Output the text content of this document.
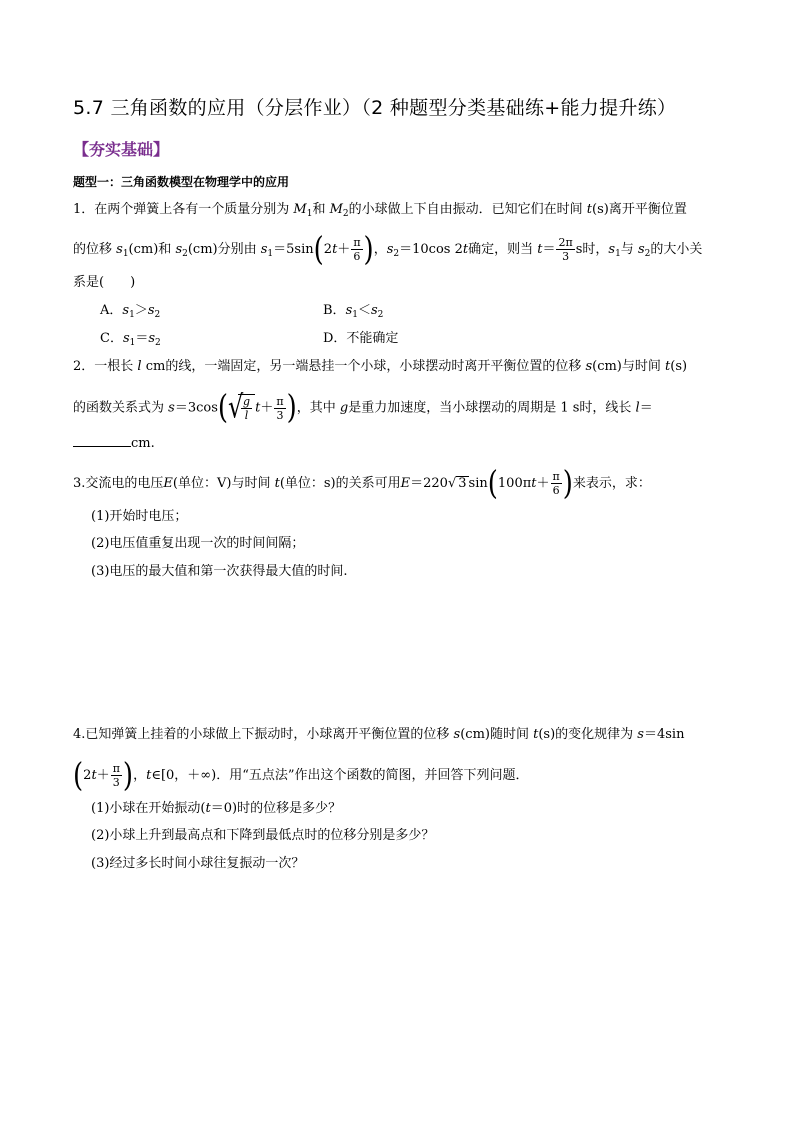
5.7 三角函数的应用（分层作业）（2 种题型分类基础练+能力提升练）
【夯实基础】
题型一：三角函数模型在物理学中的应用
1．在两个弹簧上各有一个质量分别为 $M_1$和 $M_2$的小球做上下自由振动．已知它们在时间 t(s)离开平衡位置
的位移 $s_1(cm)$和 $s_2(cm)$分别由 $s_1=5\sin(2t+ \frac{\pi}{6}$ )，$s_2=10\cos$ 2t确定，则当 $t= \frac{2\pi}{3}$ s时，$s_1$与 $s_2$的大小关
系是(　　)
A．$s_1>s_2$	B．$s_1<s_2$
C．$s_1=s_2$	D．不能确定
2．一根长 l cm的线，一端固定，另一端悬挂一个小球，小球摆动时离开平衡位置的位移 s(cm)与时间 t(s)
的函数关系式为 s＝3cos( √
$\frac{g}{l} t+ \frac{\pi}{3}$ )，其中 g是重力加速度，当小球摆动的周期是 1 s时，线长 l＝
cm.
3.交流电的电压E(单位：V)与时间 t(单位：s)的关系可用E＝220√ 3 $\sin(100\pi t+ \frac{\pi}{6}$ )来表示，求：
(1)开始时电压；
(2)电压值重复出现一次的时间间隔；
(3)电压的最大值和第一次获得最大值的时间.
4.已知弹簧上挂着的小球做上下振动时，小球离开平衡位置的位移 s(cm)随时间 t(s)的变化规律为 s＝4sin
($2t+ \frac{\pi}{3}$ )，t∈[0，＋∞)．用“五点法”作出这个函数的简图，并回答下列问题．
(1)小球在开始振动(t＝0)时的位移是多少？
(2)小球上升到最高点和下降到最低点时的位移分别是多少？
(3)经过多长时间小球往复振动一次？
